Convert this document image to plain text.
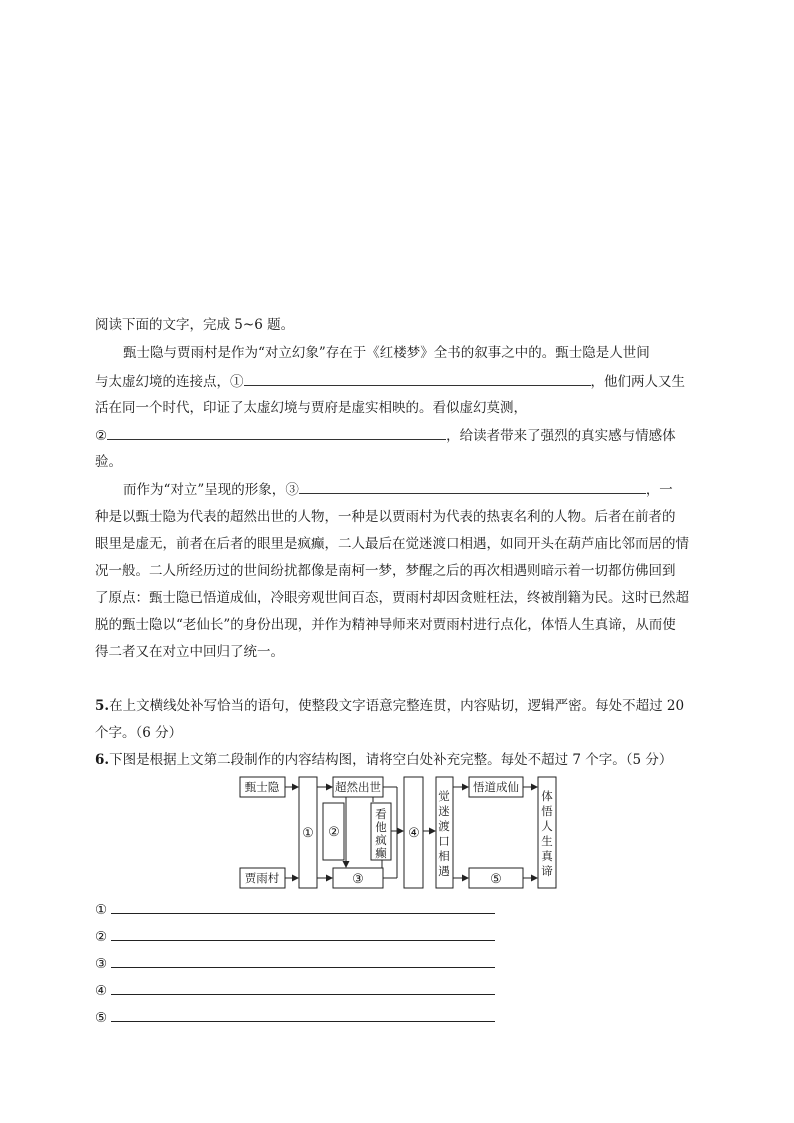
阅读下面的文字，完成 5~6 题。
甄士隐与贾雨村是作为“对立幻象”存在于《红楼梦》全书的叙事之中的。甄士隐是人世间
与太虚幻境的连接点，①	，他们两人又生
活在同一个时代，印证了太虚幻境与贾府是虚实相映的。看似虚幻莫测，
②	，给读者带来了强烈的真实感与情感体
验。
而作为“对立”呈现的形象，③	，一
种是以甄士隐为代表的超然出世的人物，一种是以贾雨村为代表的热衷名利的人物。后者在前者的
眼里是虚无，前者在后者的眼里是疯癫，二人最后在觉迷渡口相遇，如同开头在葫芦庙比邻而居的情
况一般。二人所经历过的世间纷扰都像是南柯一梦，梦醒之后的再次相遇则暗示着一切都仿佛回到
了原点：甄士隐已悟道成仙，冷眼旁观世间百态，贾雨村却因贪赃枉法，终被削籍为民。这时已然超
脱的甄士隐以“老仙长”的身份出现，并作为精神导师来对贾雨村进行点化，体悟人生真谛，从而使
得二者又在对立中回归了统一。
5.在上文横线处补写恰当的语句，使整段文字语意完整连贯，内容贴切，逻辑严密。每处不超过 20
个字。（6 分）
6.下图是根据上文第二段制作的内容结构图，请将空白处补充完整。每处不超过 7 个字。（5 分）
甄士隐
贾雨村
①
超然出世
②
看
他
疯
癫
③
④
觉
迷
渡
口
相
遇
悟道成仙
⑤
体
悟
人
生
真
谛
①
②
③
④
⑤
